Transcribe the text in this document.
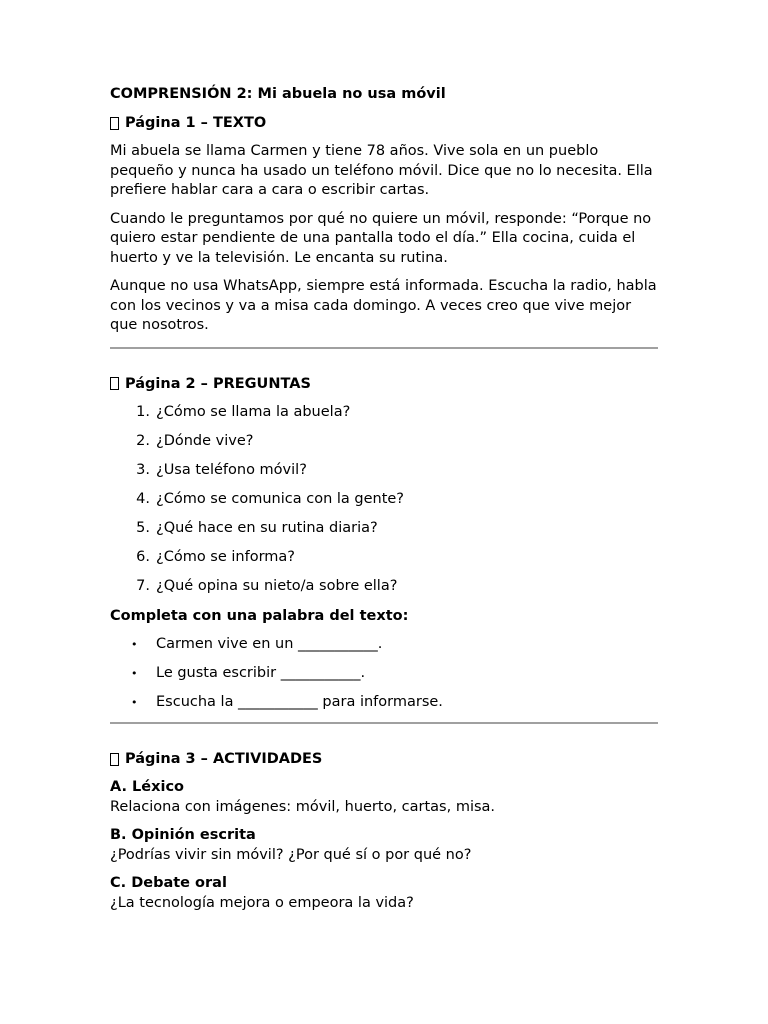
COMPRENSIÓN 2: Mi abuela no usa móvil
Página 1 – TEXTO

Mi abuela se llama Carmen y tiene 78 años. Vive sola en un pueblo pequeño y nunca ha usado un teléfono móvil. Dice que no lo necesita. Ella prefiere hablar cara a cara o escribir cartas.

Cuando le preguntamos por qué no quiere un móvil, responde: “Porque no quiero estar pendiente de una pantalla todo el día.” Ella cocina, cuida el huerto y ve la televisión. Le encanta su rutina.

Aunque no usa WhatsApp, siempre está informada. Escucha la radio, habla con los vecinos y va a misa cada domingo. A veces creo que vive mejor que nosotros.

Página 2 – PREGUNTAS
1. ¿Cómo se llama la abuela?
2. ¿Dónde vive?
3. ¿Usa teléfono móvil?
4. ¿Cómo se comunica con la gente?
5. ¿Qué hace en su rutina diaria?
6. ¿Cómo se informa?
7. ¿Qué opina su nieto/a sobre ella?
Completa con una palabra del texto:
•	Carmen vive en un ___________.
•	Le gusta escribir ___________.
•	Escucha la ___________ para informarse.
Página 3 – ACTIVIDADES
A. Léxico
Relaciona con imágenes: móvil, huerto, cartas, misa.
B. Opinión escrita
¿Podrías vivir sin móvil? ¿Por qué sí o por qué no?
C. Debate oral
¿La tecnología mejora o empeora la vida?
